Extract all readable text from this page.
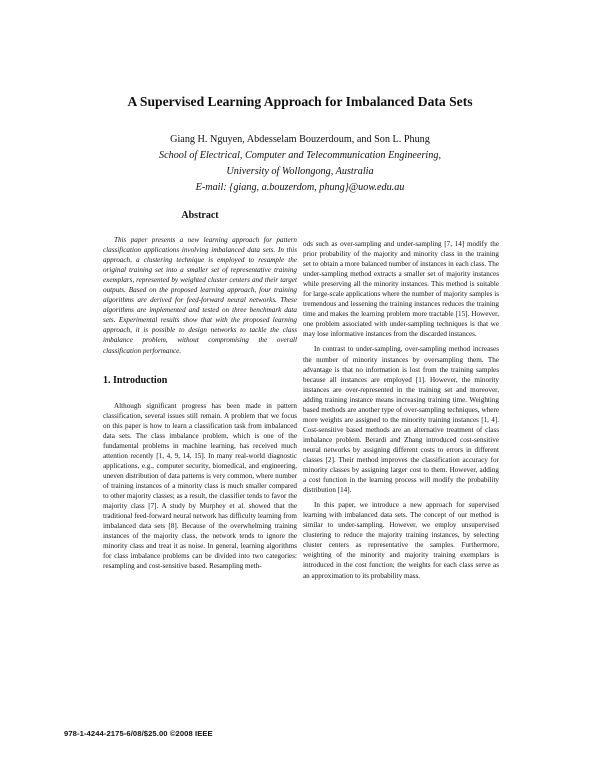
A Supervised Learning Approach for Imbalanced Data Sets
Giang H. Nguyen, Abdesselam Bouzerdoum, and Son L. Phung
School of Electrical, Computer and Telecommunication Engineering,
University of Wollongong, Australia
E-mail: {giang, a.bouzerdom, phung}@uow.edu.au
Abstract

This paper presents a new learning approach for pattern classification applications involving imbalanced data sets. In this approach, a clustering technique is employed to resample the original training set into a smaller set of representative training exemplars, represented by weighted cluster centers and their target outputs. Based on the proposed learning approach, four training algorithms are derived for feed-forward neural networks. These algorithms are implemented and tested on three benchmark data sets. Experimental results show that with the proposed learning approach, it is possible to design networks to tackle the class imbalance problem, without compromising the overall classification performance.

1. Introduction

Although significant progress has been made in pattern classification, several issues still remain. A problem that we focus on this paper is how to learn a classification task from imbalanced data sets. The class imbalance problem, which is one of the fundamental problems in machine learning, has received much attention recently [1, 4, 9, 14, 15]. In many real-world diagnostic applications, e.g., computer security, biomedical, and engineering, uneven distribution of data patterns is very common, where number of training instances of a minority class is much smaller compared to other majority classes; as a result, the classifier tends to favor the majority class [7]. A study by Murphey et al. showed that the traditional feed-forward neural network has difficulty learning from imbalanced data sets [8]. Because of the overwhelming training instances of the majority class, the network tends to ignore the minority class and treat it as noise. In general, learning algorithms for class imbalance problems can be divided into two categories: resampling and cost-sensitive based. Resampling meth-

ods such as over-sampling and under-sampling [7, 14] modify the prior probability of the majority and minority class in the training set to obtain a more balanced number of instances in each class. The under-sampling method extracts a smaller set of majority instances while preserving all the minority instances. This method is suitable for large-scale applications where the number of majority samples is tremendous and lessening the training instances reduces the training time and makes the learning problem more tractable [15]. However, one problem associated with under-sampling techniques is that we may lose informative instances from the discarded instances.

In contrast to under-sampling, over-sampling method increases the number of minority instances by oversampling them. The advantage is that no information is lost from the training samples because all instances are employed [1]. However, the minority instances are over-represented in the training set and moreover, adding training instance means increasing training time. Weighting based methods are another type of over-sampling techniques, where more weights are assigned to the minority training instances [1, 4]. Cost-sensitive based methods are an alternative treatment of class imbalance problem. Berardi and Zhang introduced cost-sensitive neural networks by assigning different costs to errors in different classes [2]. Their method improves the classification accuracy for minority classes by assigning larger cost to them. However, adding a cost function in the learning process will modify the probability distribution [14].

In this paper, we introduce a new approach for supervised learning with imbalanced data sets. The concept of our method is similar to under-sampling. However, we employ unsupervised clustering to reduce the majority training instances, by selecting cluster centers as representative the samples. Furthermore, weighting of the minority and majority training exemplars is introduced in the cost function; the weights for each class serve as an approximation to its probability mass.

978-1-4244-2175-6/08/$25.00 ©2008 IEEE
